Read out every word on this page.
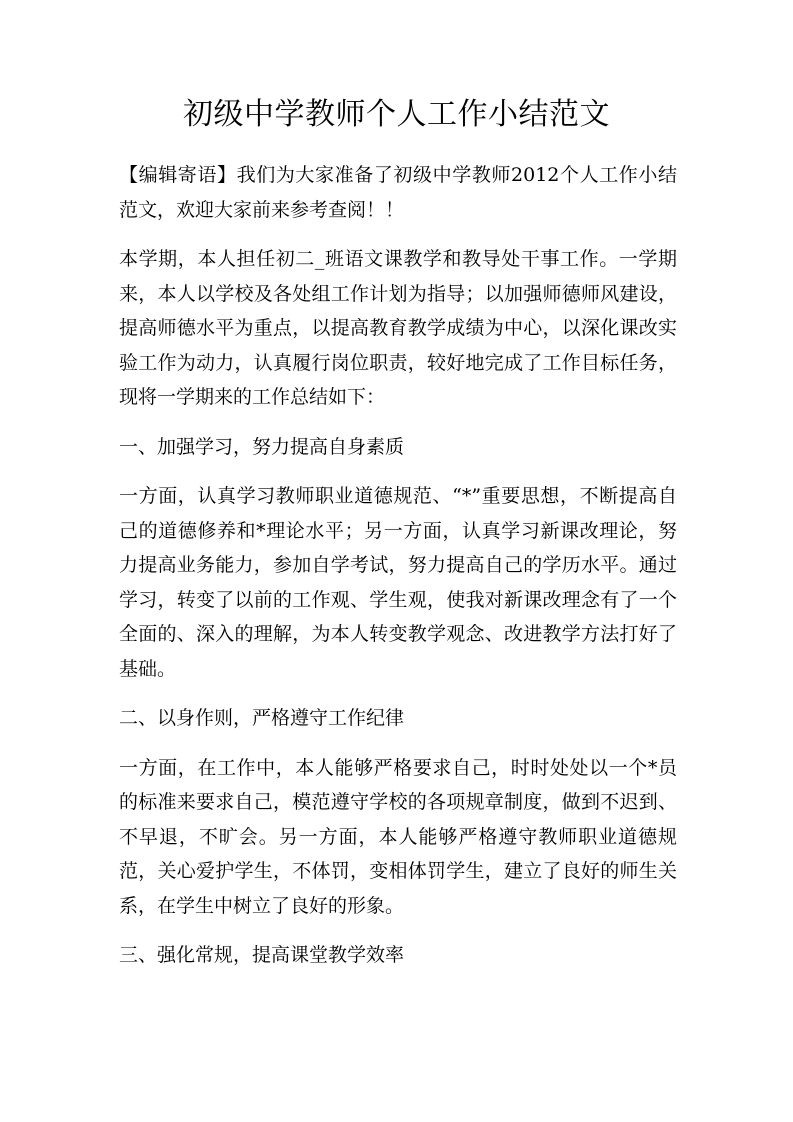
初级中学教师个人工作小结范文

【编辑寄语】我们为大家准备了初级中学教师2012个人工作小结范文，欢迎大家前来参考查阅！！

本学期，本人担任初二_班语文课教学和教导处干事工作。一学期来，本人以学校及各处组工作计划为指导；以加强师德师风建设，提高师德水平为重点，以提高教育教学成绩为中心，以深化课改实验工作为动力，认真履行岗位职责，较好地完成了工作目标任务，现将一学期来的工作总结如下：

一、加强学习，努力提高自身素质

一方面，认真学习教师职业道德规范、“*”重要思想，不断提高自己的道德修养和*理论水平；另一方面，认真学习新课改理论，努力提高业务能力，参加自学考试，努力提高自己的学历水平。通过学习，转变了以前的工作观、学生观，使我对新课改理念有了一个全面的、深入的理解，为本人转变教学观念、改进教学方法打好了基础。

二、以身作则，严格遵守工作纪律

一方面，在工作中，本人能够严格要求自己，时时处处以一个*员的标准来要求自己，模范遵守学校的各项规章制度，做到不迟到、不早退，不旷会。另一方面，本人能够严格遵守教师职业道德规范，关心爱护学生，不体罚，变相体罚学生，建立了良好的师生关系，在学生中树立了良好的形象。

三、强化常规，提高课堂教学效率
